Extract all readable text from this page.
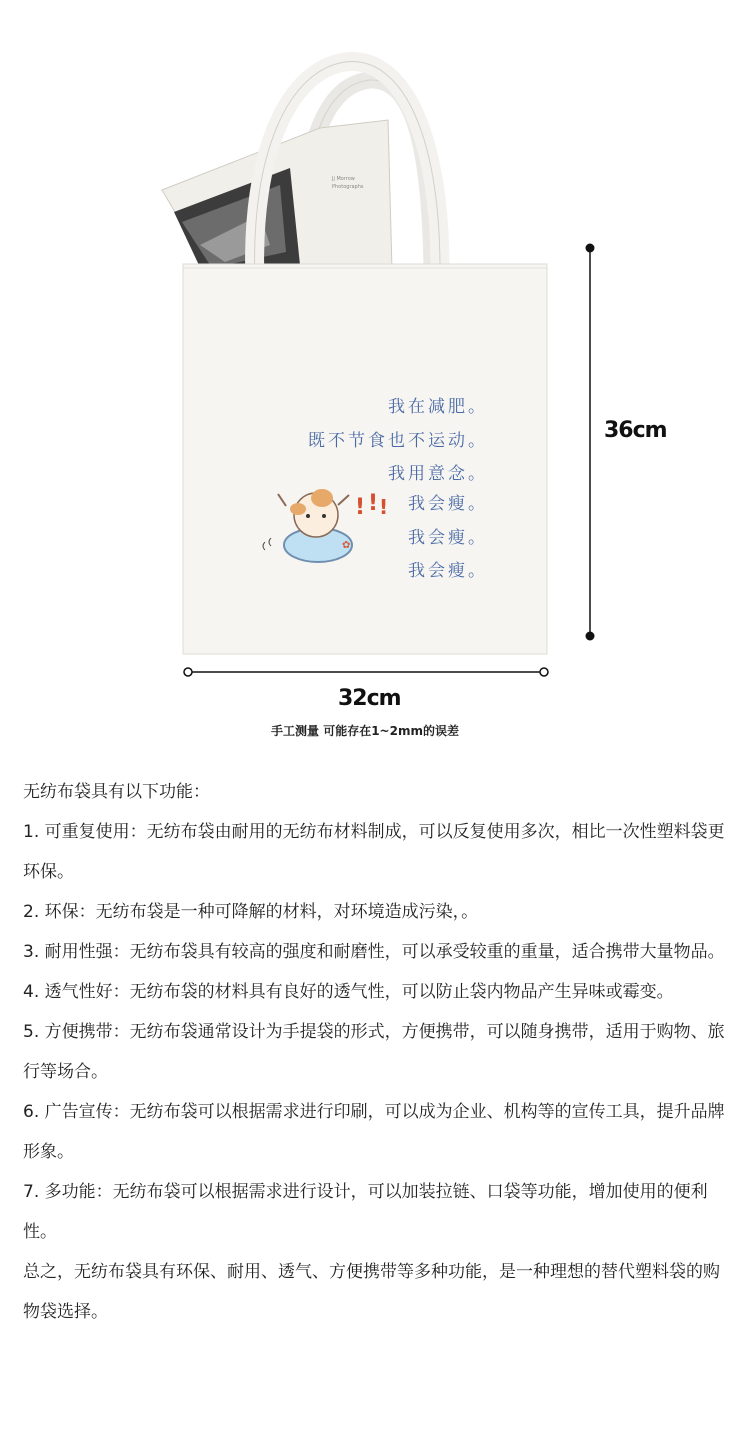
Jj Morrow
Photographs
✿
! ! !
我在减肥。
既不节食也不运动。
我用意念。
我会瘦。
我会瘦。
我会瘦。
36cm
32cm
手工测量 可能存在1~2mm的误差

无纺布袋具有以下功能：

1. 可重复使用：无纺布袋由耐用的无纺布材料制成，可以反复使用多次，相比一次性塑料袋更环保。

2. 环保：无纺布袋是一种可降解的材料，对环境造成污染，。

3. 耐用性强：无纺布袋具有较高的强度和耐磨性，可以承受较重的重量，适合携带大量物品。

4. 透气性好：无纺布袋的材料具有良好的透气性，可以防止袋内物品产生异味或霉变。

5. 方便携带：无纺布袋通常设计为手提袋的形式，方便携带，可以随身携带，适用于购物、旅行等场合。

6. 广告宣传：无纺布袋可以根据需求进行印刷，可以成为企业、机构等的宣传工具，提升品牌形象。

7. 多功能：无纺布袋可以根据需求进行设计，可以加装拉链、口袋等功能，增加使用的便利性。

总之，无纺布袋具有环保、耐用、透气、方便携带等多种功能，是一种理想的替代塑料袋的购物袋选择。
